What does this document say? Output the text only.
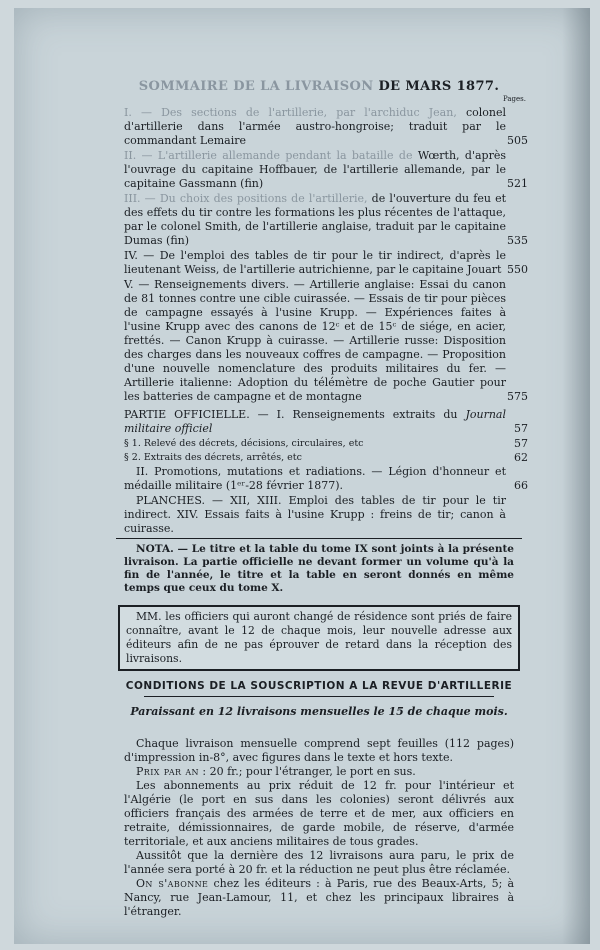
SOMMAIRE DE LA LIVRAISON DE MARS 1877.
Pages.
I. — Des sections de l'artillerie, par l'archiduc Jean, colonel d'artillerie dans l'armée austro-hongroise; traduit par le commandant Lemaire	505
II. — L'artillerie allemande pendant la bataille de Wœrth, d'après l'ouvrage du capitaine Hoffbauer, de l'artillerie allemande, par le capitaine Gassmann (fin)	521
III. — Du choix des positions de l'artillerie, de l'ouverture du feu et des effets du tir contre les formations les plus récentes de l'attaque, par le colonel Smith, de l'artillerie anglaise, traduit par le capitaine Dumas (fin)	535
IV. — De l'emploi des tables de tir pour le tir indirect, d'après le lieutenant Weiss, de l'artillerie autrichienne, par le capitaine Jouart 550
V. — Renseignements divers. — Artillerie anglaise: Essai du canon de 81 tonnes contre une cible cuirassée. — Essais de tir pour pièces de campagne essayés à l'usine Krupp. — Expériences faites à l'usine Krupp avec des canons de 12ᶜ et de 15ᶜ de siége, en acier, frettés. — Canon Krupp à cuirasse. — Artillerie russe: Disposition des charges dans les nouveaux coffres de campagne. — Proposition d'une nouvelle nomenclature des produits militaires du fer. — Artillerie italienne: Adoption du télémètre de poche Gautier pour les batteries de campagne et de montagne	575
PARTIE OFFICIELLE. — I. Renseignements extraits du Journal militaire officiel	57
§ 1. Relevé des décrets, décisions, circulaires, etc	57
§ 2. Extraits des décrets, arrêtés, etc	62
II. Promotions, mutations et radiations. — Légion d'honneur et médaille militaire (1ᵉʳ-28 février 1877).	66
PLANCHES. — XII, XIII. Emploi des tables de tir pour le tir indirect. XIV. Essais faits à l'usine Krupp : freins de tir; canon à cuirasse.
NOTA. — Le titre et la table du tome IX sont joints à la présente livraison. La partie officielle ne devant former un volume qu'à la fin de l'année, le titre et la table en seront donnés en même temps que ceux du tome X.
MM. les officiers qui auront changé de résidence sont priés de faire connaître, avant le 12 de chaque mois, leur nouvelle adresse aux éditeurs afin de ne pas éprouver de retard dans la réception des livraisons.
CONDITIONS DE LA SOUSCRIPTION A LA REVUE D'ARTILLERIE
Paraissant en 12 livraisons mensuelles le 15 de chaque mois.

Chaque livraison mensuelle comprend sept feuilles (112 pages) d'impression in-8°, avec figures dans le texte et hors texte.

Prix par an : 20 fr.; pour l'étranger, le port en sus.

Les abonnements au prix réduit de 12 fr. pour l'intérieur et l'Algérie (le port en sus dans les colonies) seront délivrés aux officiers français des armées de terre et de mer, aux officiers en retraite, démissionnaires, de garde mobile, de réserve, d'armée territoriale, et aux anciens militaires de tous grades.

Aussitôt que la dernière des 12 livraisons aura paru, le prix de l'année sera porté à 20 fr. et la réduction ne peut plus être réclamée.

On s'abonne chez les éditeurs : à Paris, rue des Beaux-Arts, 5; à Nancy, rue Jean-Lamour, 11, et chez les principaux libraires à l'étranger.
